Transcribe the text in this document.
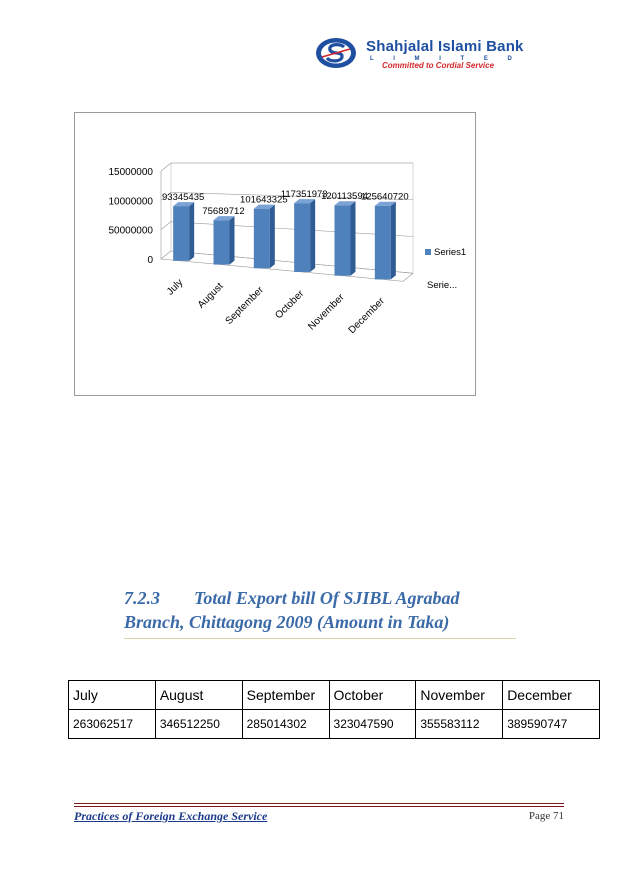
Shahjalal Islami Bank
L I M I T E D
Committed to Cordial Service
0
50000000
10000000
15000000
93345435
July
75689712
August
101643325
September
117351973
October
120113594
November
125640720
December
Series1
Serie...
7.2.3 Total Export bill Of SJIBL Agrabad
Branch, Chittagong 2009 (Amount in Taka)
July	August	September	October	November	December
263062517	346512250	285014302	323047590	355583112	389590747
Practices of Foreign Exchange Service	Page 71
